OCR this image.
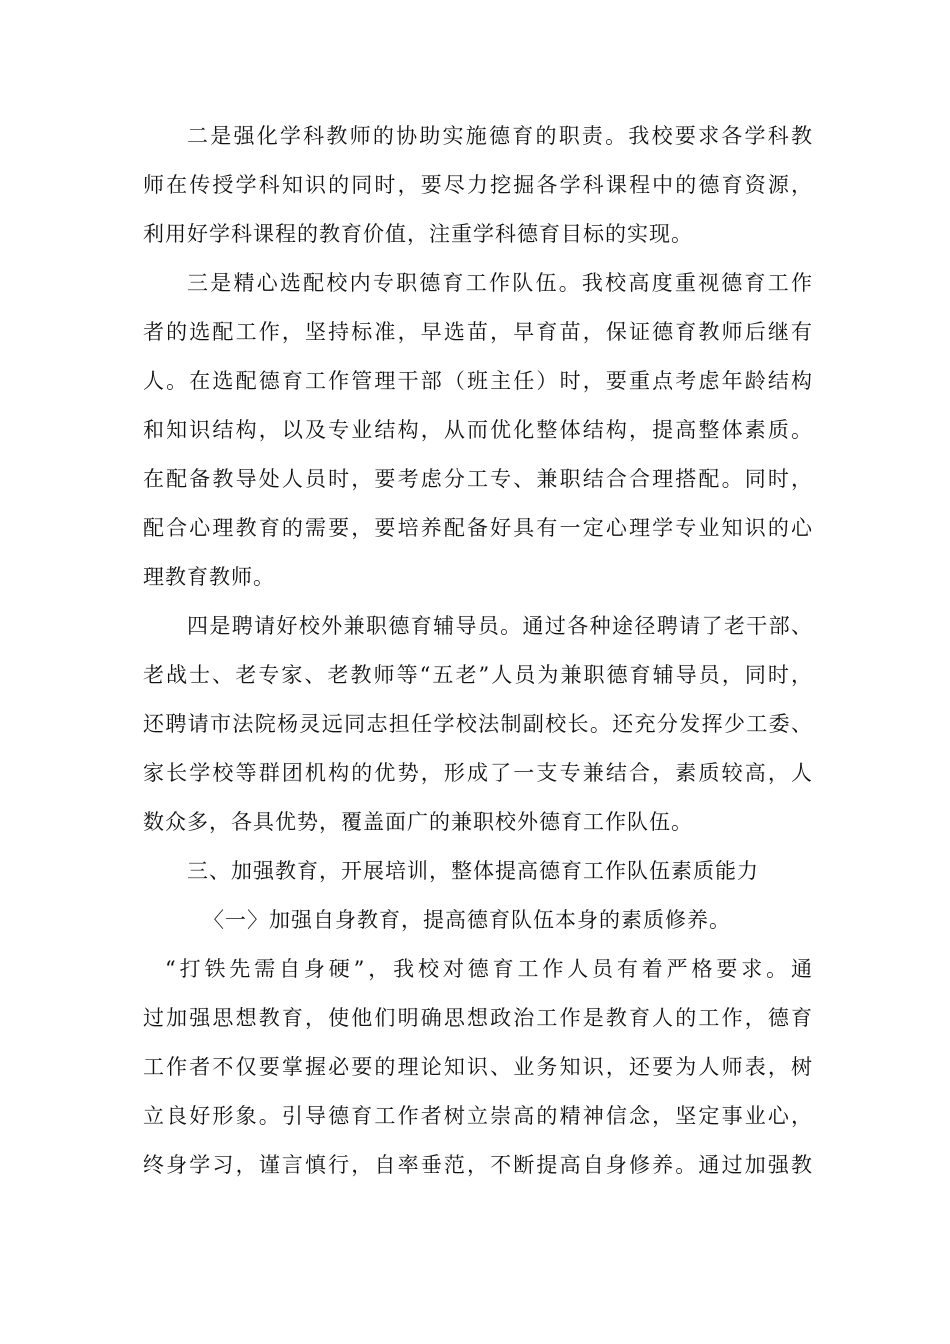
二是强化学科教师的协助实施德育的职责。我校要求各学科教
师在传授学科知识的同时，要尽力挖掘各学科课程中的德育资源，
利用好学科课程的教育价值，注重学科德育目标的实现。
三是精心选配校内专职德育工作队伍。我校高度重视德育工作
者的选配工作，坚持标准，早选苗，早育苗，保证德育教师后继有
人。在选配德育工作管理干部（班主任）时，要重点考虑年龄结构
和知识结构，以及专业结构，从而优化整体结构，提高整体素质。
在配备教导处人员时，要考虑分工专、兼职结合合理搭配。同时，
配合心理教育的需要，要培养配备好具有一定心理学专业知识的心
理教育教师。
四是聘请好校外兼职德育辅导员。通过各种途径聘请了老干部、
老战士、老专家、老教师等“五老”人员为兼职德育辅导员，同时，
还聘请市法院杨灵远同志担任学校法制副校长。还充分发挥少工委、
家长学校等群团机构的优势，形成了一支专兼结合，素质较高，人
数众多，各具优势，覆盖面广的兼职校外德育工作队伍。
三、加强教育，开展培训，整体提高德育工作队伍素质能力
〈一〉加强自身教育，提高德育队伍本身的素质修养。
“打铁先需自身硬”，我校对德育工作人员有着严格要求。通
过加强思想教育，使他们明确思想政治工作是教育人的工作，德育
工作者不仅要掌握必要的理论知识、业务知识，还要为人师表，树
立良好形象。引导德育工作者树立崇高的精神信念，坚定事业心，
终身学习，谨言慎行，自率垂范，不断提高自身修养。通过加强教
